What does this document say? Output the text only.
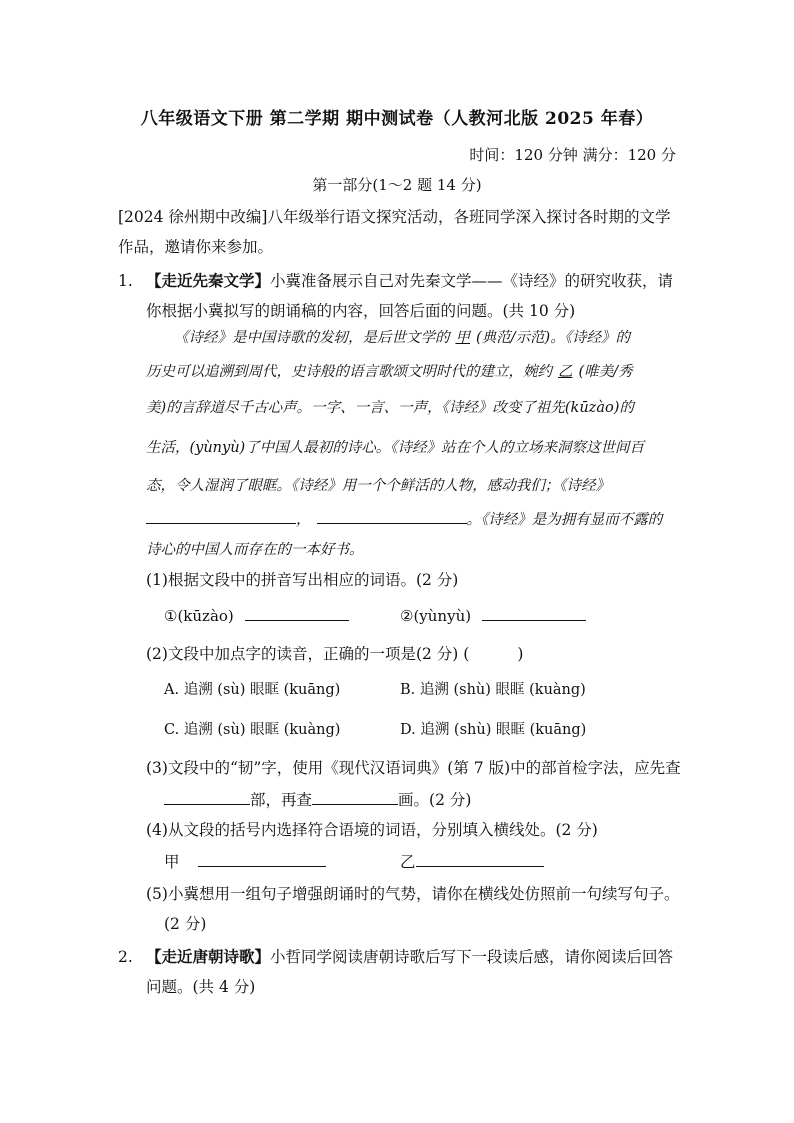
八年级语文下册 第二学期 期中测试卷（人教河北版 2025 年春）
时间：120 分钟 满分：120 分
第一部分(1～2 题 14 分)
[2024 徐州期中改编]八年级举行语文探究活动，各班同学深入探讨各时期的文学
作品，邀请你来参加。
1. 【走近先秦文学】小冀准备展示自己对先秦文学——《诗经》的研究收获，请
你根据小冀拟写的朗诵稿的内容，回答后面的问题。(共 10 分)
《诗经》是中国诗歌的发轫，是后世文学的 甲 (典范/示范)。《诗经》的
历史可以追溯到周代，史诗般的语言歌颂文明时代的建立，婉约 乙 (唯美/秀
美)的言辞道尽千古心声。一字、一言、一声，《诗经》改变了祖先(kūzào)的
生活，(yùnyù)了中国人最初的诗心。《诗经》站在个人的立场来洞察这世间百
态，令人湿润了眼眶。《诗经》用一个个鲜活的人物，感动我们；《诗经》
，	。《诗经》是为拥有显而不露的
诗心的中国人而存在的一本好书。
(1)根据文段中的拼音写出相应的词语。(2 分)
①(kūzào)	②(yùnyù)
(2)文段中加点字的读音，正确的一项是(2 分) (	)
A. 追溯 (sù) 眼眶 (kuāng)	B. 追溯 (shù) 眼眶 (kuàng)
C. 追溯 (sù) 眼眶 (kuàng)	D. 追溯 (shù) 眼眶 (kuāng)
(3)文段中的“韧”字，使用《现代汉语词典》(第 7 版)中的部首检字法，应先查
部，再查	画。(2 分)
(4)从文段的括号内选择符合语境的词语，分别填入横线处。(2 分)
甲	乙
(5)小冀想用一组句子增强朗诵时的气势，请你在横线处仿照前一句续写句子。
(2 分)
2. 【走近唐朝诗歌】小哲同学阅读唐朝诗歌后写下一段读后感，请你阅读后回答
问题。(共 4 分)
